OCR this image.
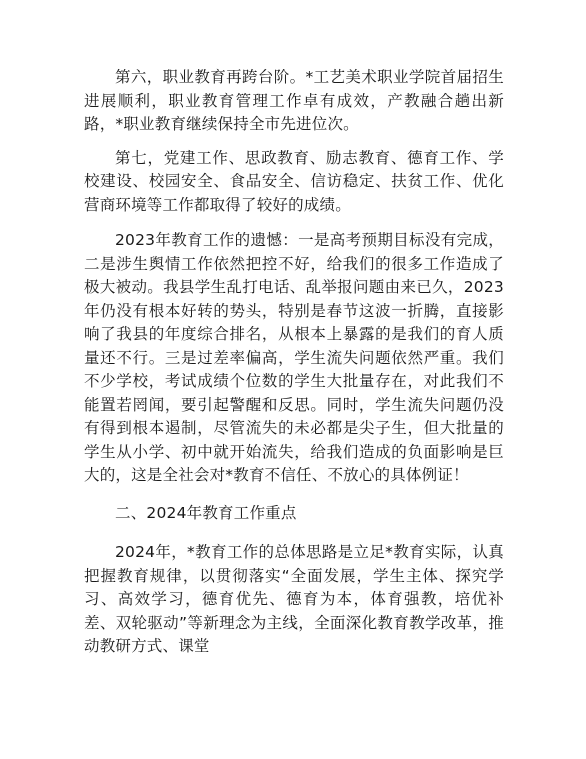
第六，职业教育再跨台阶。*工艺美术职业学院首届招生进展顺利，职业教育管理工作卓有成效，产教融合趟出新路，*职业教育继续保持全市先进位次。

第七，党建工作、思政教育、励志教育、德育工作、学校建设、校园安全、食品安全、信访稳定、扶贫工作、优化营商环境等工作都取得了较好的成绩。

2023年教育工作的遗憾：一是高考预期目标没有完成，二是涉生舆情工作依然把控不好，给我们的很多工作造成了极大被动。我县学生乱打电话、乱举报问题由来已久，2023年仍没有根本好转的势头，特别是春节这波一折腾，直接影响了我县的年度综合排名，从根本上暴露的是我们的育人质量还不行。三是过差率偏高，学生流失问题依然严重。我们不少学校，考试成绩个位数的学生大批量存在，对此我们不能置若罔闻，要引起警醒和反思。同时，学生流失问题仍没有得到根本遏制，尽管流失的未必都是尖子生，但大批量的学生从小学、初中就开始流失，给我们造成的负面影响是巨大的，这是全社会对*教育不信任、不放心的具体例证！

二、2024年教育工作重点

2024年，*教育工作的总体思路是立足*教育实际，认真把握教育规律，以贯彻落实“全面发展，学生主体、探究学习、高效学习，德育优先、德育为本，体育强教，培优补差、双轮驱动”等新理念为主线，全面深化教育教学改革，推动教研方式、课堂
